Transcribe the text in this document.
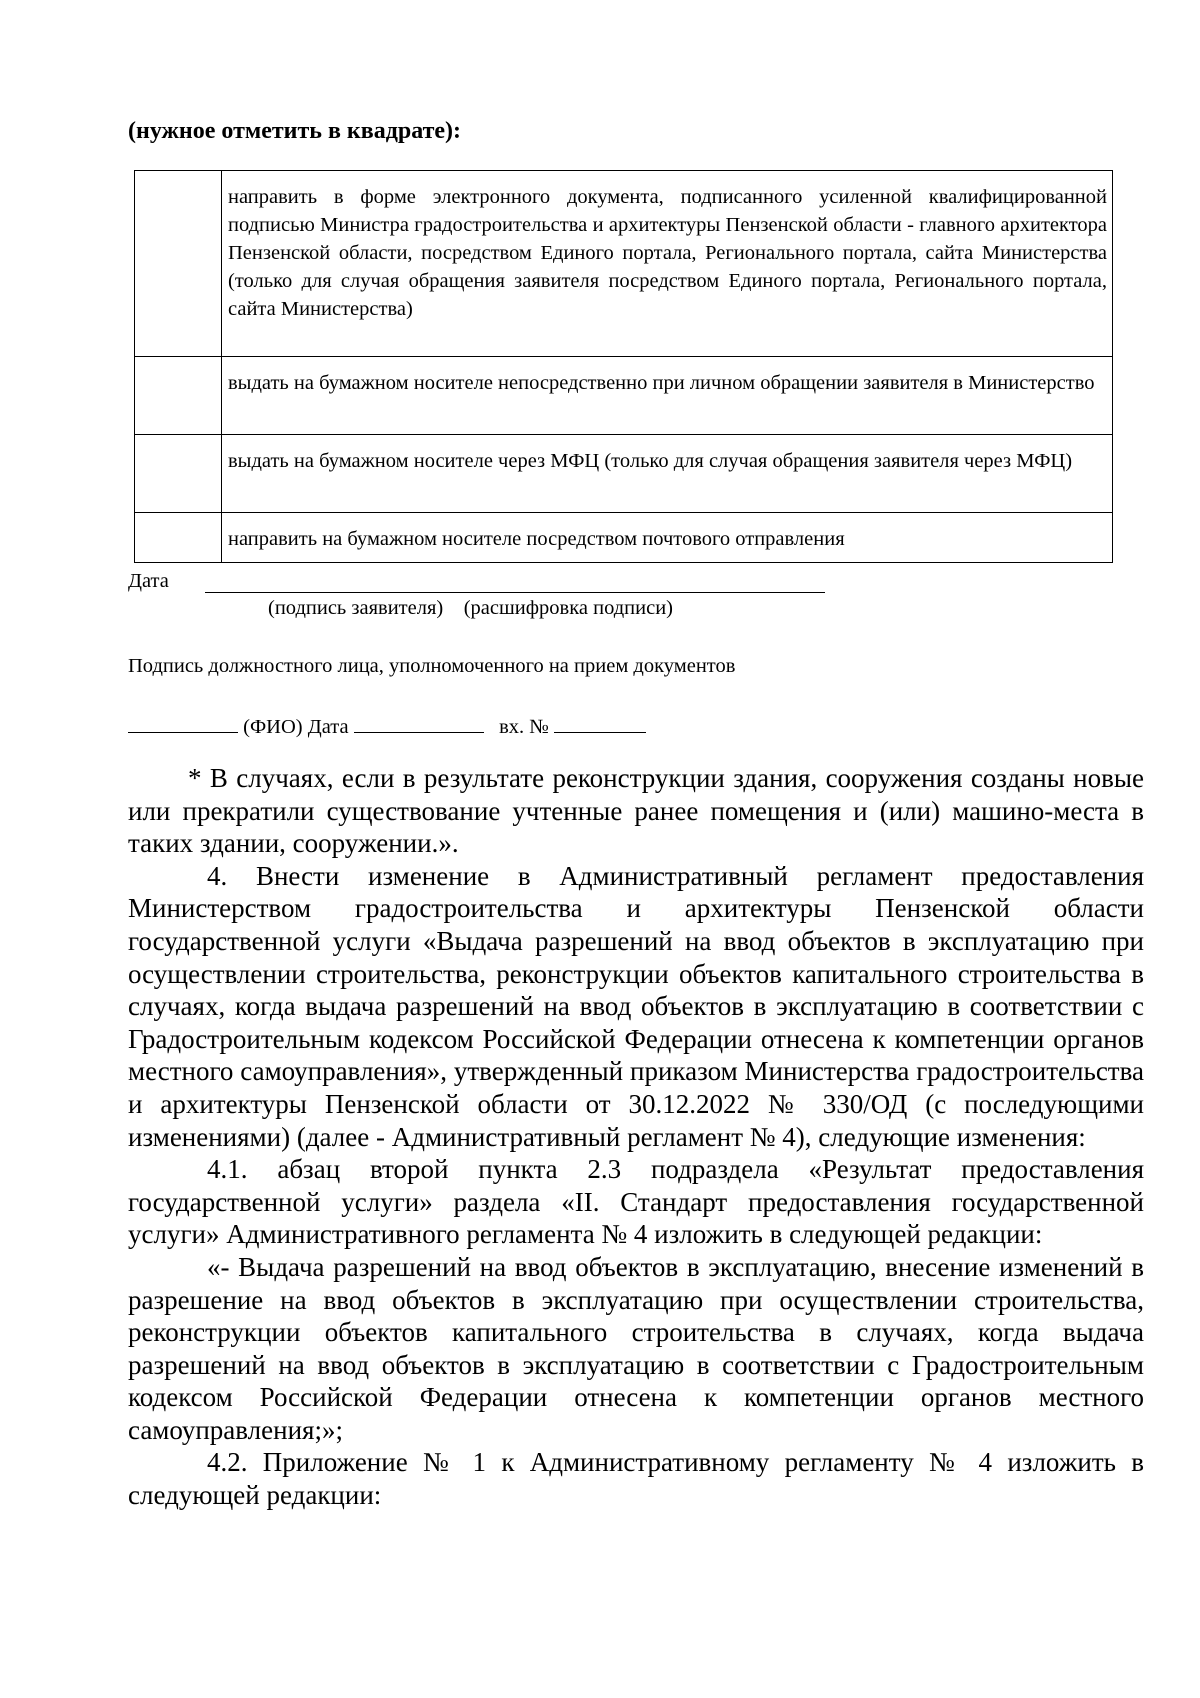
(нужное отметить в квадрате):
	направить в форме электронного документа, подписанного усиленной квалифицированной подписью Министра градостроительства и архитектуры Пензенской области - главного архитектора Пензенской области, посредством Единого портала, Регионального портала, сайта Министерства (только для случая обращения заявителя посредством Единого портала, Регионального портала, сайта Министерства)
	выдать на бумажном носителе непосредственно при личном обращении заявителя в Министерство
	выдать на бумажном носителе через МФЦ (только для случая обращения заявителя через МФЦ)
	направить на бумажном носителе посредством почтового отправления
Дата
(подпись заявителя) (расшифровка подписи)
Подпись должностного лица, уполномоченного на прием документов
(ФИО) Дата	вх. №

* В случаях, если в результате реконструкции здания, сооружения созданы новые или прекратили существование учтенные ранее помещения и (или) машино-места в таких здании, сооружении.».

4. Внести изменение в Административный регламент предоставления Министерством градостроительства и архитектуры Пензенской области государственной услуги «Выдача разрешений на ввод объектов в эксплуатацию при осуществлении строительства, реконструкции объектов капитального строительства в случаях, когда выдача разрешений на ввод объектов в эксплуатацию в соответствии с Градостроительным кодексом Российской Федерации отнесена к компетенции органов местного самоуправления», утвержденный приказом Министерства градостроительства и архитектуры Пензенской области от 30.12.2022 № 330/ОД (с последующими изменениями) (далее - Административный регламент № 4), следующие изменения:

4.1. абзац второй пункта 2.3 подраздела «Результат предоставления государственной услуги» раздела «II. Стандарт предоставления государственной услуги» Административного регламента № 4 изложить в следующей редакции:

«- Выдача разрешений на ввод объектов в эксплуатацию, внесение изменений в разрешение на ввод объектов в эксплуатацию при осуществлении строительства, реконструкции объектов капитального строительства в случаях, когда выдача разрешений на ввод объектов в эксплуатацию в соответствии с Градостроительным кодексом Российской Федерации отнесена к компетенции органов местного самоуправления;»;

4.2. Приложение № 1 к Административному регламенту № 4 изложить в следующей редакции:
